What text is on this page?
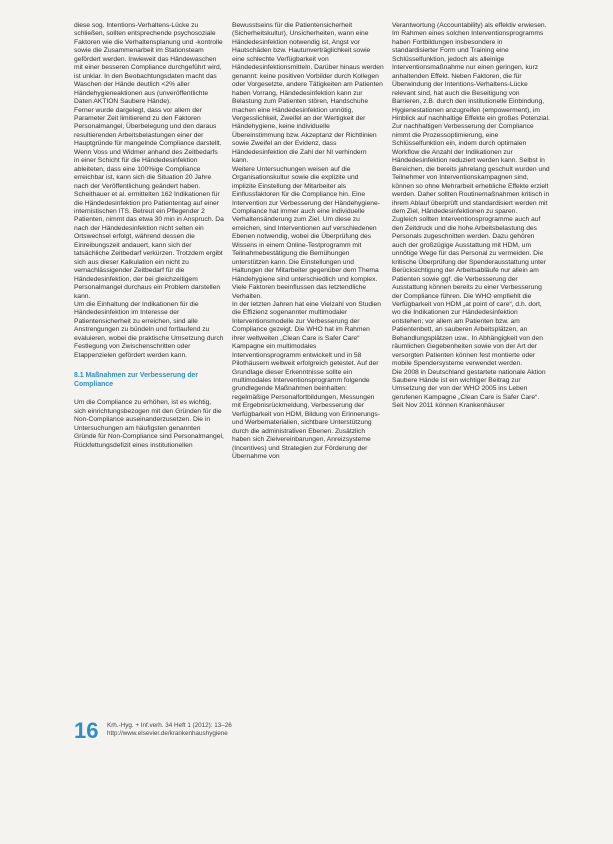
diese sog. Intentions-Verhaltens-Lücke zu schließen, sollten entsprechende psychosoziale Faktoren wie die Verhaltensplanung und -kontrolle sowie die Zusammenarbeit im Stationsteam gefördert werden. Inwieweit das Händewaschen mit einer besseren Compliance durchgeführt wird, ist unklar. In den Beobachtungsdaten macht das Waschen der Hände deutlich <2% aller Händehygieneaktionen aus (unveröffentlichte Daten AKTION Saubere Hände).

Ferner wurde dargelegt, dass vor allem der Parameter Zeit limitierend zu den Faktoren Personalmangel, Überbelegung und den daraus resultierenden Arbeitsbelastungen einer der Hauptgründe für mangelnde Compliance darstellt. Wenn Voss und Widmer anhand des Zeitbedarfs in einer Schicht für die Händedesinfektion ableiteten, dass eine 100%ige Compliance erreichbar ist, kann sich die Situation 20 Jahre nach der Veröffentlichung geändert haben. Scheithauer et al. ermittelten 162 Indikationen für die Händedesinfektion pro Patiententag auf einer internistischen ITS. Betreut ein Pflegender 2 Patienten, nimmt das etwa 30 min in Anspruch. Da nach der Händedesinfektion nicht selten ein Ortswechsel erfolgt, während dessen die Einreibungszeit andauert, kann sich der tatsächliche Zeitbedarf verkürzen. Trotzdem ergibt sich aus dieser Kalkulation ein nicht zu vernachlässigender Zeitbedarf für die Händedesinfektion, der bei gleichzeitigem Personalmangel durchaus ein Problem darstellen kann.

Um die Einhaltung der Indikationen für die Händedesinfektion im Interesse der Patientensicherheit zu erreichen, sind alle Anstrengungen zu bündeln und fortlaufend zu evaluieren, wobei die praktische Umsetzung durch Festlegung von Zwischenschritten oder Etappenzielen gefördert werden kann.

8.1 Maßnahmen zur Verbesserung der Compliance

Um die Compliance zu erhöhen, ist es wichtig, sich einrichtungsbezogen mit den Gründen für die Non-Compliance auseinanderzusetzen. Die in Untersuchungen am häufigsten genannten Gründe für Non-Compliance sind Personalmangel, Rückfettungsdefizit eines institutionellen

Bewusstseins für die Patientensicherheit (Sicherheitskultur), Unsicherheiten, wann eine Händedesinfektion notwendig ist, Angst vor Hautschäden bzw. Hautunverträglichkeit sowie eine schlechte Verfügbarkeit von Händedesinfektionsmitteln. Darüber hinaus werden genannt: keine positiven Vorbilder durch Kollegen oder Vorgesetzte, andere Tätigkeiten am Patienten haben Vorrang, Händedesinfektion kann zur Belastung zum Patienten stören, Handschuhe machen eine Händedesinfektion unnötig, Vergesslichkeit, Zweifel an der Wertigkeit der Händehygiene, keine individuelle Übereinstimmung bzw. Akzeptanz der Richtlinien sowie Zweifel an der Evidenz, dass Händedesinfektion die Zahl der NI verhindern kann.

Weitere Untersuchungen weisen auf die Organisationskultur sowie die explizite und implizite Einstellung der Mitarbeiter als Einflussfaktoren für die Compliance hin. Eine Intervention zur Verbesserung der Händehygiene-Compliance hat immer auch eine individuelle Verhaltensänderung zum Ziel. Um diese zu erreichen, sind Interventionen auf verschiedenen Ebenen notwendig, wobei die Überprüfung des Wissens in einem Online-Testprogramm mit Teilnahmebestätigung die Bemühungen unterstützen kann. Die Einstellungen und Haltungen der Mitarbeiter gegenüber dem Thema Händehygiene sind unterschiedlich und komplex. Viele Faktoren beeinflussen das letztendliche Verhalten.

In der letzten Jahren hat eine Vielzahl von Studien die Effizienz sogenannter multimodaler Interventionsmodelle zur Verbesserung der Compliance gezeigt. Die WHO hat im Rahmen ihrer weltweiten „Clean Care is Safer Care“ Kampagne ein multimodales Interventionsprogramm entwickelt und in 58 Pilothäusern weltweit erfolgreich getestet. Auf der Grundlage dieser Erkenntnisse sollte ein multimodales Interventionsprogramm folgende grundlegende Maßnahmen beinhalten: regelmäßige Personalfortbildungen, Messungen mit Ergebnisrückmeldung, Verbesserung der Verfügbarkeit von HDM, Bildung von Erinnerungs- und Werbematerialien, sichtbare Unterstützung durch die administrativen Ebenen. Zusätzlich haben sich Zielvereinbarungen, Anreizsysteme (Incentives) und Strategien zur Förderung der Übernahme von

Verantwortung (Accountability) als effektiv erwiesen. Im Rahmen eines solchen Interventionsprogramms haben Fortbildungen insbesondere in standardisierter Form und Training eine Schlüsselfunktion, jedoch als alleinige Interventionsmaßnahme nur einen geringen, kurz anhaltenden Effekt. Neben Faktoren, die für Überwindung der Intentions-Verhaltens-Lücke relevant sind, hat auch die Beseitigung von Barrieren, z.B. durch den institutionelle Einbindung, Hygienestationen anzugreifen (empowerment), im Hinblick auf nachhaltige Effekte ein großes Potenzial. Zur nachhaltigen Verbesserung der Compliance nimmt die Prozessoptimierung, eine Schlüsselfunktion ein, indem durch optimalen Workflow die Anzahl der Indikationen zur Händedesinfektion reduziert werden kann. Selbst in Bereichen, die bereits jahrelang geschult wurden und Teilnehmer von Interventionskampagnen sind, können so ohne Mehrarbeit erhebliche Effekte erzielt werden. Daher sollten Routinemaßnahmen kritisch in ihrem Ablauf überprüft und standardisiert werden mit dem Ziel, Händedesinfektionen zu sparen.

Zugleich sollten Interventionsprogramme auch auf den Zeitdruck und die hohe Arbeitsbelastung des Personals zugeschnitten werden. Dazu gehören auch der großzügige Ausstattung mit HDM, um unnötige Wege für das Personal zu vermeiden. Die kritische Überprüfung der Spenderausstattung unter Berücksichtigung der Arbeitsabläufe nur allein am Patienten sowie ggf. die Verbesserung der Ausstattung können bereits zu einer Verbesserung der Compliance führen. Die WHO empfiehlt die Verfügbarkeit von HDM „at point of care“, d.h. dort, wo die Indikationen zur Händedesinfektion entstehen; vor allem am Patienten bzw. am Patientenbett, an sauberen Arbeitsplätzen, an Behandlungsplätzen usw.. In Abhängigkeit von den räumlichen Gegebenheiten sowie von der Art der versorgten Patienten können fest montierte oder mobile Spendersysteme verwendet werden.

Die 2008 in Deutschland gestartete nationale Aktion Saubere Hände ist ein wichtiger Beitrag zur Umsetzung der von der WHO 2005 ins Leben gerufenen Kampagne „Clean Care is Safer Care“. Seit Nov 2011 können Krankenhäuser

16 Krh.-Hyg. + Inf.verh. 34 Heft 1 (2012): 13–26
http://www.elsevier.de/krankenhaushygiene
